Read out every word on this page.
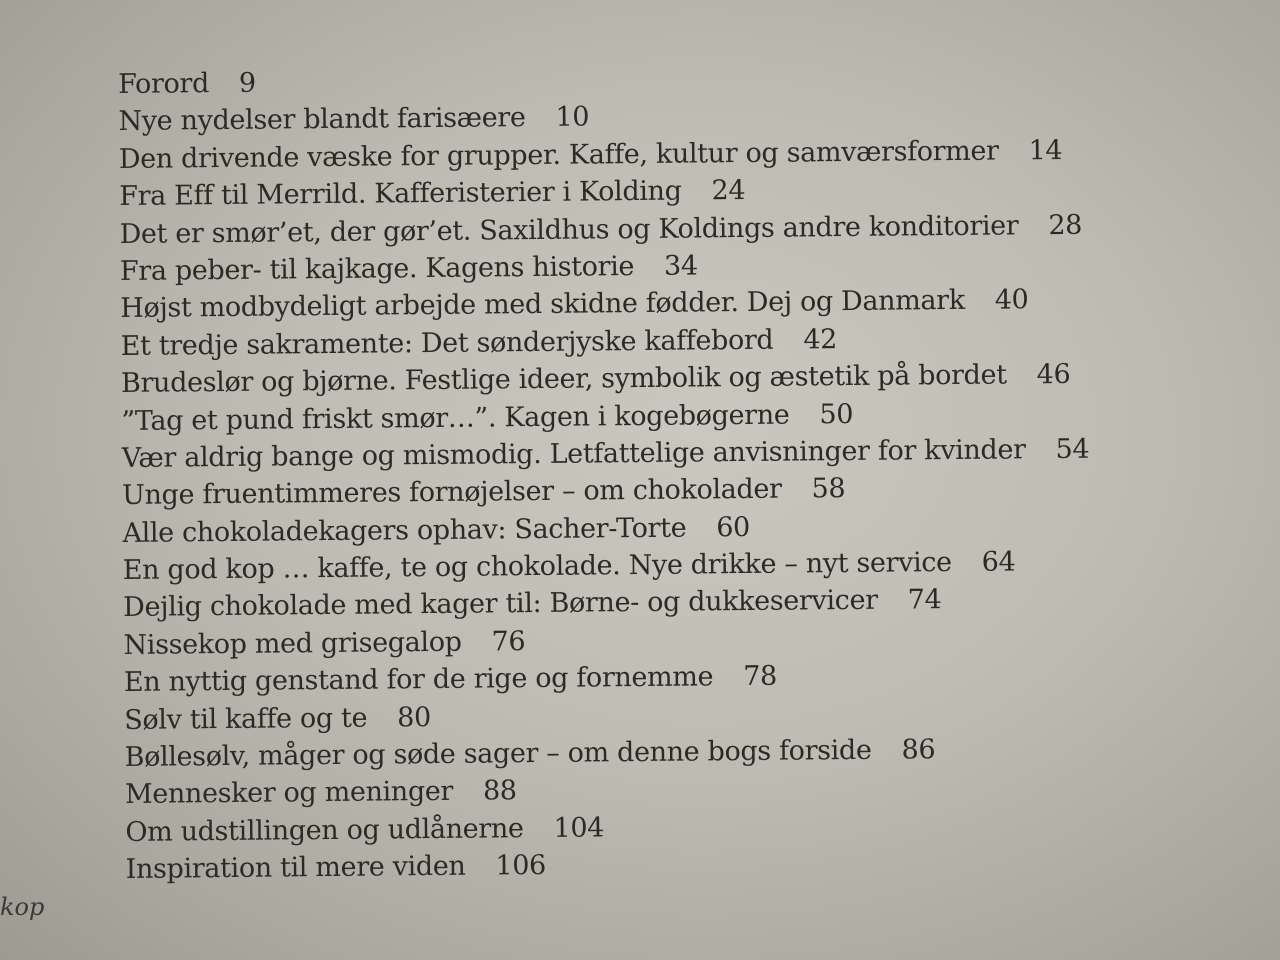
Forord 9
Nye nydelser blandt farisæere 10
Den drivende væske for grupper. Kaffe, kultur og samværsformer 14
Fra Eff til Merrild. Kafferisterier i Kolding 24
Det er smør’et, der gør’et. Saxildhus og Koldings andre konditorier 28
Fra peber- til kajkage. Kagens historie 34
Højst modbydeligt arbejde med skidne fødder. Dej og Danmark 40
Et tredje sakramente: Det sønderjyske kaffebord 42
Brudeslør og bjørne. Festlige ideer, symbolik og æstetik på bordet 46
”Tag et pund friskt smør…”. Kagen i kogebøgerne 50
Vær aldrig bange og mismodig. Letfattelige anvisninger for kvinder 54
Unge fruentimmeres fornøjelser – om chokolader 58
Alle chokoladekagers ophav: Sacher-Torte 60
En god kop … kaffe, te og chokolade. Nye drikke – nyt service 64
Dejlig chokolade med kager til: Børne- og dukkeservicer 74
Nissekop med grisegalop 76
En nyttig genstand for de rige og fornemme 78
Sølv til kaffe og te 80
Bøllesølv, måger og søde sager – om denne bogs forside 86
Mennesker og meninger 88
Om udstillingen og udlånerne 104
Inspiration til mere viden 106
kop
